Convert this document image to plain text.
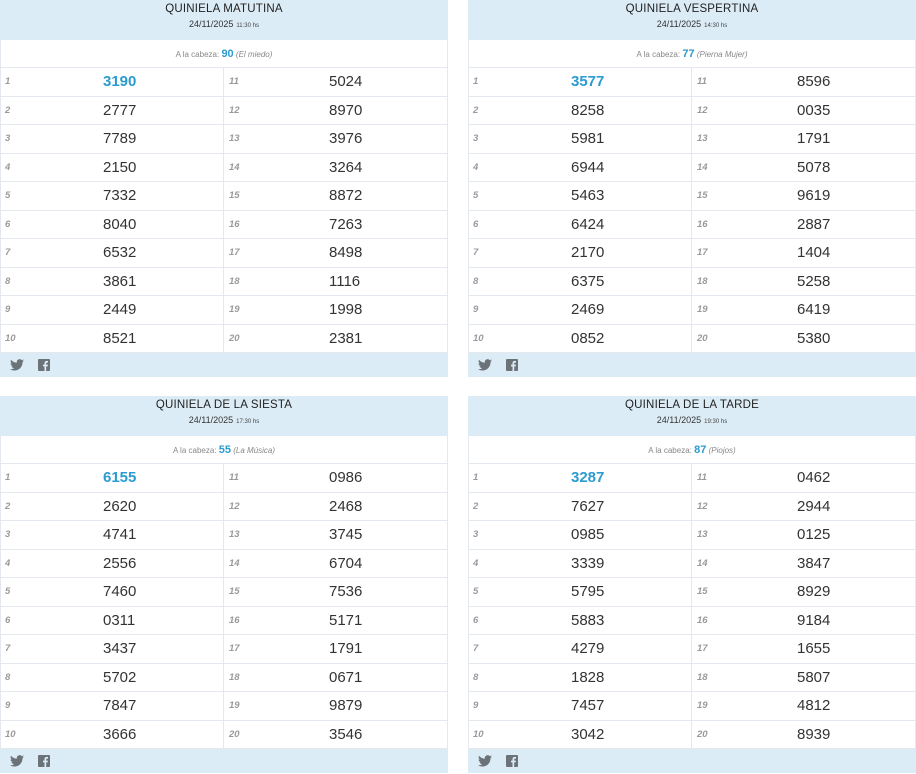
QUINIELA MATUTINA
24/11/2025 11:30 hs
A la cabeza: 90 (El miedo)
1	3190	11	5024
2	2777	12	8970
3	7789	13	3976
4	2150	14	3264
5	7332	15	8872
6	8040	16	7263
7	6532	17	8498
8	3861	18	1116
9	2449	19	1998
10	8521	20	2381
QUINIELA VESPERTINA
24/11/2025 14:30 hs
A la cabeza: 77 (Pierna Mujer)
1	3577	11	8596
2	8258	12	0035
3	5981	13	1791
4	6944	14	5078
5	5463	15	9619
6	6424	16	2887
7	2170	17	1404
8	6375	18	5258
9	2469	19	6419
10	0852	20	5380
QUINIELA DE LA SIESTA
24/11/2025 17:30 hs
A la cabeza: 55 (La Música)
1	6155	11	0986
2	2620	12	2468
3	4741	13	3745
4	2556	14	6704
5	7460	15	7536
6	0311	16	5171
7	3437	17	1791
8	5702	18	0671
9	7847	19	9879
10	3666	20	3546
QUINIELA DE LA TARDE
24/11/2025 19:30 hs
A la cabeza: 87 (Piojos)
1	3287	11	0462
2	7627	12	2944
3	0985	13	0125
4	3339	14	3847
5	5795	15	8929
6	5883	16	9184
7	4279	17	1655
8	1828	18	5807
9	7457	19	4812
10	3042	20	8939
